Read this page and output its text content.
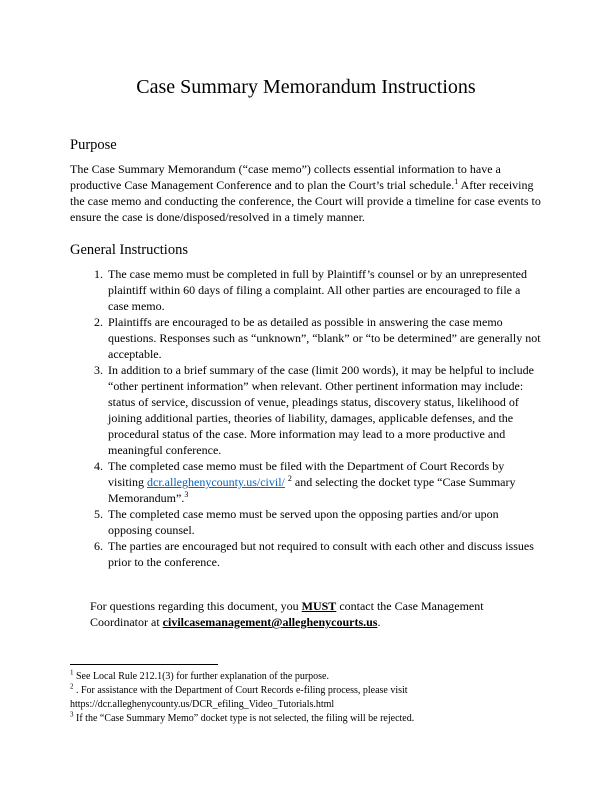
Case Summary Memorandum Instructions
Purpose

The Case Summary Memorandum (“case memo”) collects essential information to have a productive Case Management Conference and to plan the Court’s trial schedule.$^1$ After receiving the case memo and conducting the conference, the Court will provide a timeline for case events to ensure the case is done/disposed/resolved in a timely manner.

General Instructions
1. The case memo must be completed in full by Plaintiff’s counsel or by an unrepresented plaintiff within 60 days of filing a complaint. All other parties are encouraged to file a case memo.
2. Plaintiffs are encouraged to be as detailed as possible in answering the case memo questions. Responses such as “unknown”, “blank” or “to be determined” are generally not acceptable.
3. In addition to a brief summary of the case (limit 200 words), it may be helpful to include “other pertinent information” when relevant. Other pertinent information may include: status of service, discussion of venue, pleadings status, discovery status, likelihood of joining additional parties, theories of liability, damages, applicable defenses, and the procedural status of the case. More information may lead to a more productive and meaningful conference.
4. The completed case memo must be filed with the Department of Court Records by visiting dcr.alleghenycounty.us/civil/ $^2$ and selecting the docket type “Case Summary Memorandum”.$^3$
5. The completed case memo must be served upon the opposing parties and/or upon opposing counsel.
6. The parties are encouraged but not required to consult with each other and discuss issues prior to the conference.

For questions regarding this document, you MUST contact the Case Management Coordinator at civilcasemanagement@alleghenycourts.us.

$^1$ See Local Rule 212.1(3) for further explanation of the purpose.

$^2$ . For assistance with the Department of Court Records e-filing process, please visit https://dcr.alleghenycounty.us/DCR_efiling_Video_Tutorials.html

$^3$ If the “Case Summary Memo” docket type is not selected, the filing will be rejected.
